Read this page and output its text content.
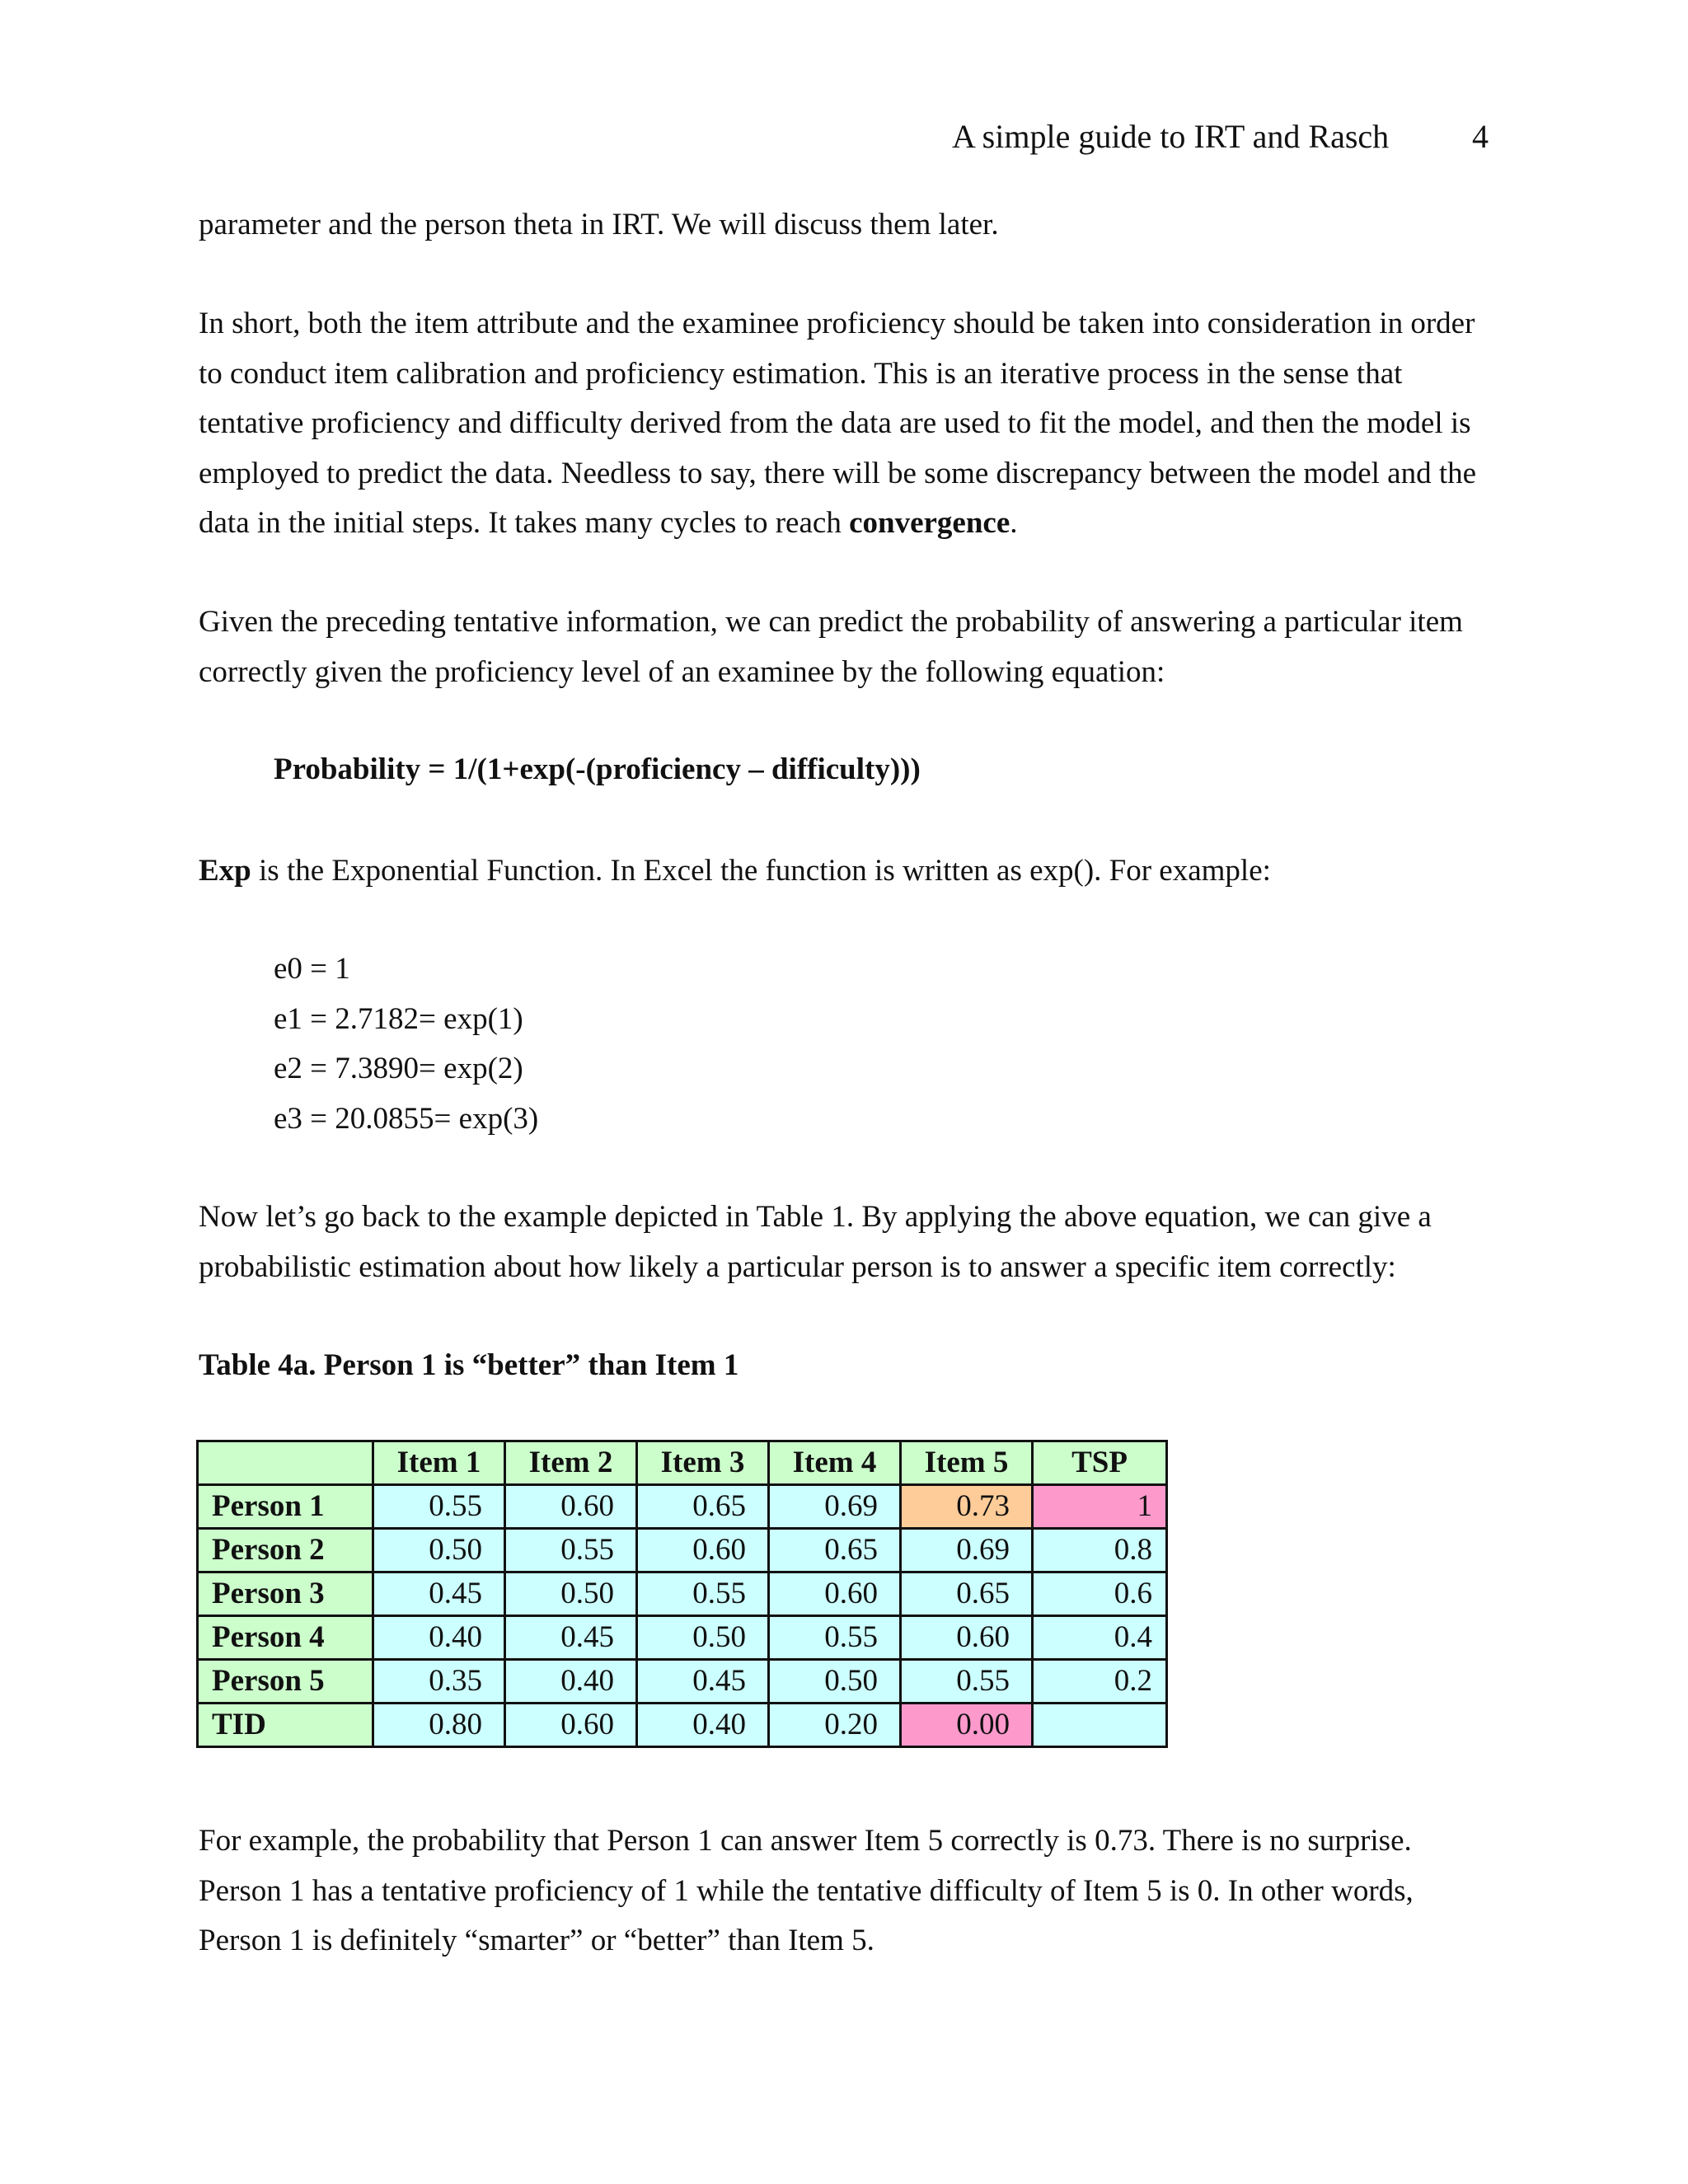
A simple guide to IRT and Rasch	4

parameter and the person theta in IRT. We will discuss them later.

In short, both the item attribute and the examinee proficiency should be taken into consideration in order to conduct item calibration and proficiency estimation. This is an iterative process in the sense that tentative proficiency and difficulty derived from the data are used to fit the model, and then the model is employed to predict the data. Needless to say, there will be some discrepancy between the model and the data in the initial steps. It takes many cycles to reach convergence.

Given the preceding tentative information, we can predict the probability of answering a particular item correctly given the proficiency level of an examinee by the following equation:

Probability = 1/(1+exp(-(proficiency – difficulty)))

Exp is the Exponential Function. In Excel the function is written as exp(). For example:

e0 = 1
e1 = 2.7182= exp(1)
e2 = 7.3890= exp(2)
e3 = 20.0855= exp(3)

Now let’s go back to the example depicted in Table 1. By applying the above equation, we can give a probabilistic estimation about how likely a particular person is to answer a specific item correctly:

Table 4a. Person 1 is “better” than Item 1
	Item 1	Item 2	Item 3	Item 4	Item 5	TSP
Person 1	0.55	0.60	0.65	0.69	0.73	1
Person 2	0.50	0.55	0.60	0.65	0.69	0.8
Person 3	0.45	0.50	0.55	0.60	0.65	0.6
Person 4	0.40	0.45	0.50	0.55	0.60	0.4
Person 5	0.35	0.40	0.45	0.50	0.55	0.2
TID	0.80	0.60	0.40	0.20	0.00	

For example, the probability that Person 1 can answer Item 5 correctly is 0.73. There is no surprise. Person 1 has a tentative proficiency of 1 while the tentative difficulty of Item 5 is 0. In other words, Person 1 is definitely “smarter” or “better” than Item 5.
